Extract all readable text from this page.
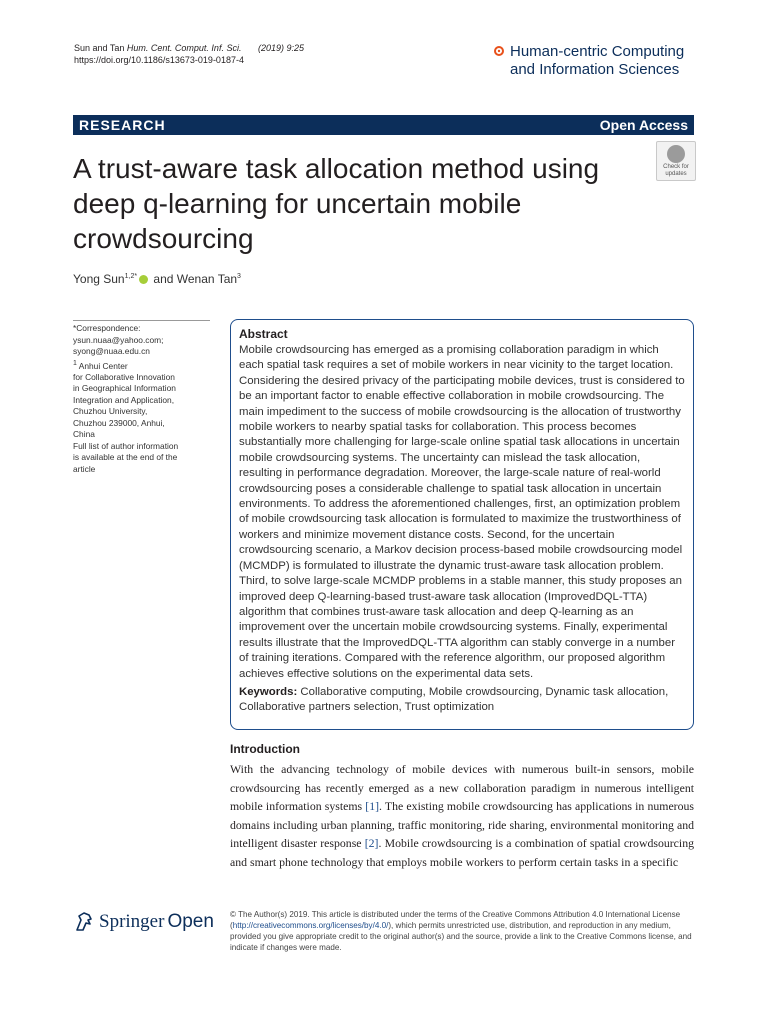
Sun and Tan Hum. Cent. Comput. Inf. Sci. (2019) 9:25
https://doi.org/10.1186/s13673-019-0187-4	Human-centric Computing
and Information Sciences
RESEARCH	Open Access
A trust-aware task allocation method using deep q-learning for uncertain mobile crowdsourcing
Check for
updates
Yong Sun$^{1,2*}$ and Wenan Tan$^3$

*Correspondence:

ysun.nuaa@yahoo.com;

syong@nuaa.edu.cn

$^1$ Anhui Center

for Collaborative Innovation

in Geographical Information

Integration and Application,

Chuzhou University,

Chuzhou 239000, Anhui,

China

Full list of author information

is available at the end of the

article

Abstract
Mobile crowdsourcing has emerged as a promising collaboration paradigm in which each spatial task requires a set of mobile workers in near vicinity to the target location. Considering the desired privacy of the participating mobile devices, trust is considered to be an important factor to enable effective collaboration in mobile crowdsourcing. The main impediment to the success of mobile crowdsourcing is the allocation of trustworthy mobile workers to nearby spatial tasks for collaboration. This process becomes substantially more challenging for large-scale online spatial task allocations in uncertain mobile crowdsourcing systems. The uncertainty can mislead the task allocation, resulting in performance degradation. Moreover, the large-scale nature of real-world crowdsourcing poses a considerable challenge to spatial task allocation in uncertain environments. To address the aforementioned challenges, first, an optimization problem of mobile crowdsourcing task allocation is formulated to maximize the trustworthiness of workers and minimize movement distance costs. Second, for the uncertain crowdsourcing scenario, a Markov decision process-based mobile crowdsourcing model (MCMDP) is formulated to illustrate the dynamic trust-aware task allocation problem. Third, to solve large-scale MCMDP problems in a stable manner, this study proposes an improved deep Q-learning-based trust-aware task allocation (ImprovedDQL-TTA) algorithm that combines trust-aware task allocation and deep Q-learning as an improvement over the uncertain mobile crowdsourcing systems. Finally, experimental results illustrate that the ImprovedDQL-TTA algorithm can stably converge in a number of training iterations. Compared with the reference algorithm, our proposed algorithm achieves effective solutions on the experimental data sets.
Keywords: Collaborative computing, Mobile crowdsourcing, Dynamic task allocation, Collaborative partners selection, Trust optimization
Introduction

With the advancing technology of mobile devices with numerous built-in sensors, mobile crowdsourcing has recently emerged as a new collaboration paradigm in numerous intelligent mobile information systems [1]. The existing mobile crowdsourcing has applications in numerous domains including urban planning, traffic monitoring, ride sharing, environmental monitoring and intelligent disaster response [2]. Mobile crowdsourcing is a combination of spatial crowdsourcing and smart phone technology that employs mobile workers to perform certain tasks in a specific

Springer Open © The Author(s) 2019. This article is distributed under the terms of the Creative Commons Attribution 4.0 International License (http://creativecommons.org/licenses/by/4.0/), which permits unrestricted use, distribution, and reproduction in any medium, provided you give appropriate credit to the original author(s) and the source, provide a link to the Creative Commons license, and indicate if changes were made.
